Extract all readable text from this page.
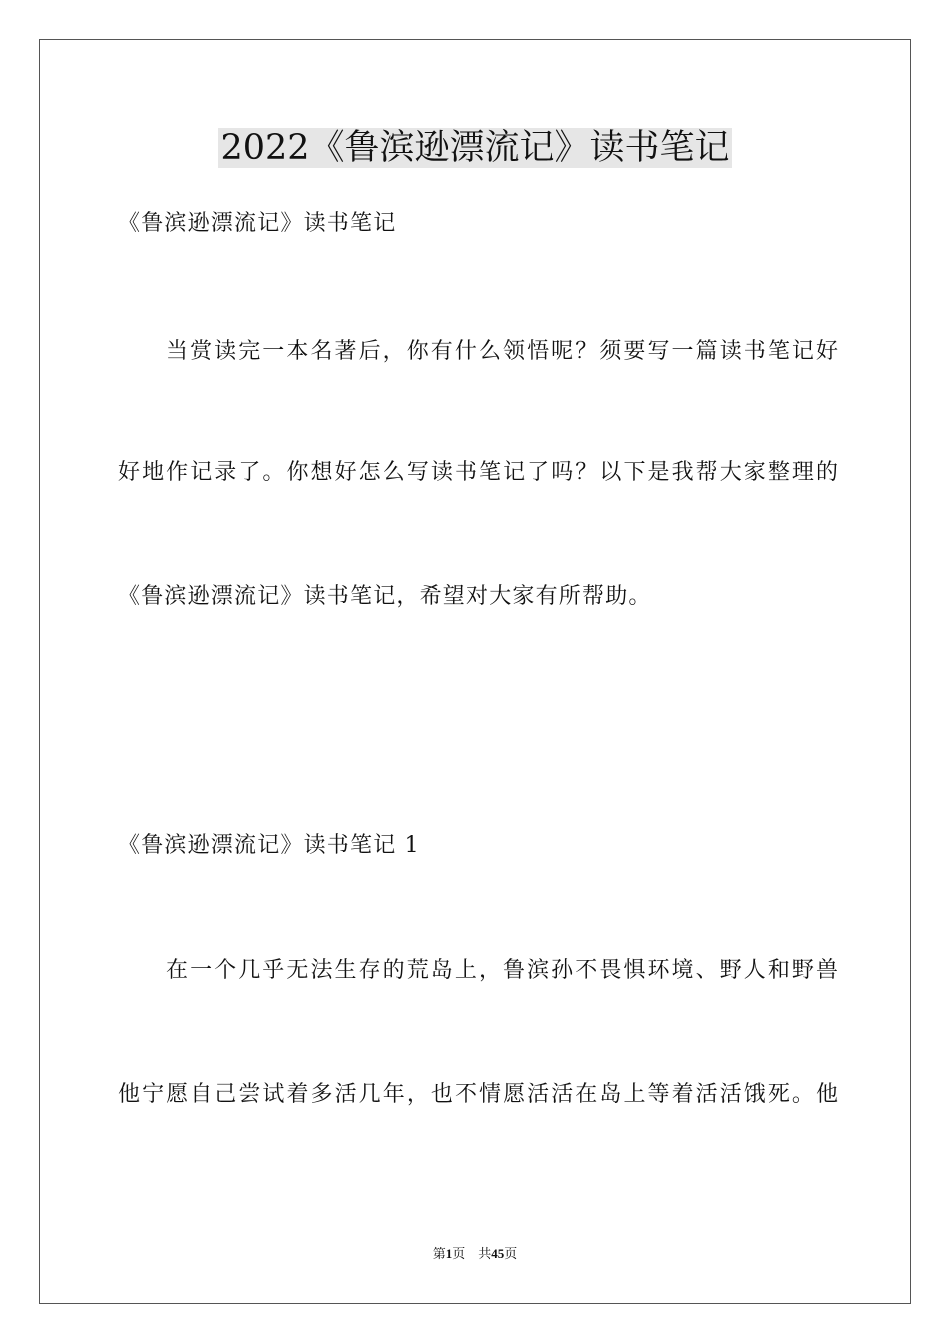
2022《鲁滨逊漂流记》读书笔记
《鲁滨逊漂流记》读书笔记
当赏读完一本名著后，你有什么领悟呢？须要写一篇读书笔记好
好地作记录了。你想好怎么写读书笔记了吗？以下是我帮大家整理的
《鲁滨逊漂流记》读书笔记，希望对大家有所帮助。
《鲁滨逊漂流记》读书笔记 1
在一个几乎无法生存的荒岛上，鲁滨孙不畏惧环境、野人和野兽
他宁愿自己尝试着多活几年，也不情愿活活在岛上等着活活饿死。他
第1页　共45页
